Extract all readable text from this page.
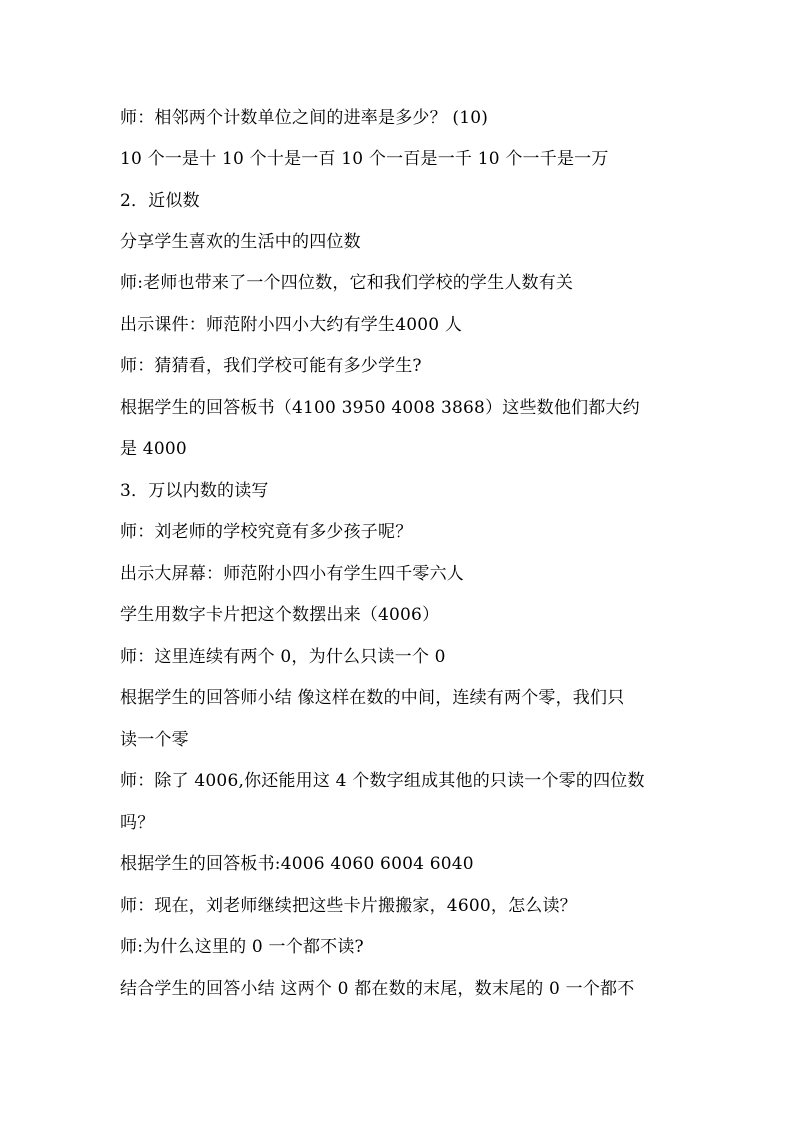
师：相邻两个计数单位之间的进率是多少？ (10)
10 个一是十 10 个十是一百 10 个一百是一千 10 个一千是一万
2．近似数
分享学生喜欢的生活中的四位数
师:老师也带来了一个四位数，它和我们学校的学生人数有关
出示课件：师范附小四小大约有学生4000 人
师：猜猜看，我们学校可能有多少学生?
根据学生的回答板书（4100 3950 4008 3868）这些数他们都大约
是 4000
3．万以内数的读写
师：刘老师的学校究竟有多少孩子呢？
出示大屏幕：师范附小四小有学生四千零六人
学生用数字卡片把这个数摆出来（4006）
师：这里连续有两个 0，为什么只读一个 0
根据学生的回答师小结 像这样在数的中间，连续有两个零，我们只
读一个零
师：除了 4006,你还能用这 4 个数字组成其他的只读一个零的四位数
吗？
根据学生的回答板书:4006 4060 6004 6040
师：现在，刘老师继续把这些卡片搬搬家，4600，怎么读？
师:为什么这里的 0 一个都不读?
结合学生的回答小结 这两个 0 都在数的末尾，数末尾的 0 一个都不
